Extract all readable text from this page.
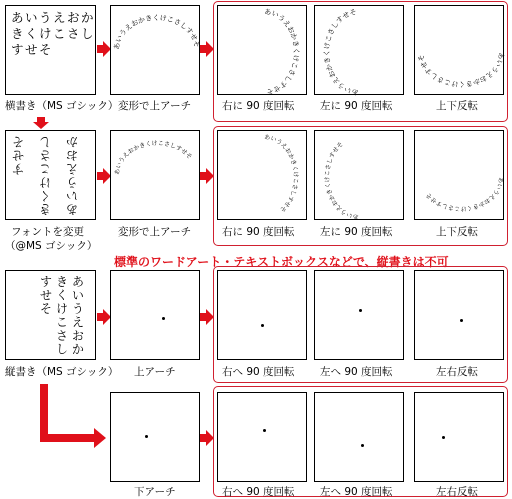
あいうえおか
きくけこさし
すせそ
横書き（MS ゴシック）
あいうえおかきくけこさしすせそ
変形で上アーチ
あいうえおかきくけこさしすせそ
右に 90 度回転
あいうえおかきくけこさしすせそ
左に 90 度回転
あいうえおかきくけこさしすせそ
上下反転
すせそ きくけこさし あいうえおか
フォントを変更
（@MS ゴシック）
あいうえおかきくけこさしすせそ
変形で上アーチ
あいうえおかきくけこさしすせそ
右に 90 度回転
あいうえおかきくけこさしすせそ
左に 90 度回転
あいうえおかきくけこさしすせそ
上下反転
標準のワードアート・テキストボックスなどで、縦書きは不可
あいうえおか
きくけこさし
すせそ
縦書き（MS ゴシック） 上アーチ	右へ 90 度回転 左へ 90 度回転	左右反転
下アーチ	右へ 90 度回転 左へ 90 度回転	左右反転
